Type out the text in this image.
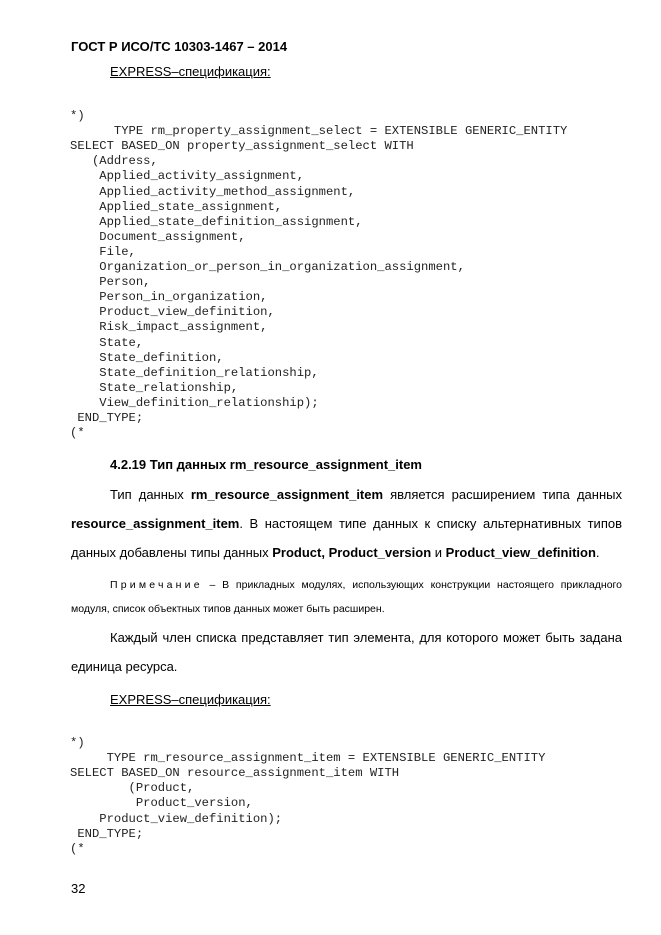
ГОСТ Р ИСО/ТС 10303-1467 – 2014
EXPRESS–спецификация:

*)
TYPE rm_property_assignment_select = EXTENSIBLE GENERIC_ENTITY
SELECT BASED_ON property_assignment_select WITH
(Address,
Applied_activity_assignment,
Applied_activity_method_assignment,
Applied_state_assignment,
Applied_state_definition_assignment,
Document_assignment,
File,
Organization_or_person_in_organization_assignment,
Person,
Person_in_organization,
Product_view_definition,
Risk_impact_assignment,
State,
State_definition,
State_definition_relationship,
State_relationship,
View_definition_relationship);
END_TYPE;
(*

4.2.19 Тип данных rm_resource_assignment_item

Тип данных rm_resource_assignment_item является расширением типа данных resource_assignment_item. В настоящем типе данных к списку альтернативных типов данных добавлены типы данных Product, Product_version и Product_view_definition.

Примечание – В прикладных модулях, использующих конструкции настоящего прикладного модуля, список объектных типов данных может быть расширен.

Каждый член списка представляет тип элемента, для которого может быть задана единица ресурса.

EXPRESS–спецификация:

*)
TYPE rm_resource_assignment_item = EXTENSIBLE GENERIC_ENTITY
SELECT BASED_ON resource_assignment_item WITH
(Product,
Product_version,
Product_view_definition);
END_TYPE;
(*

32
